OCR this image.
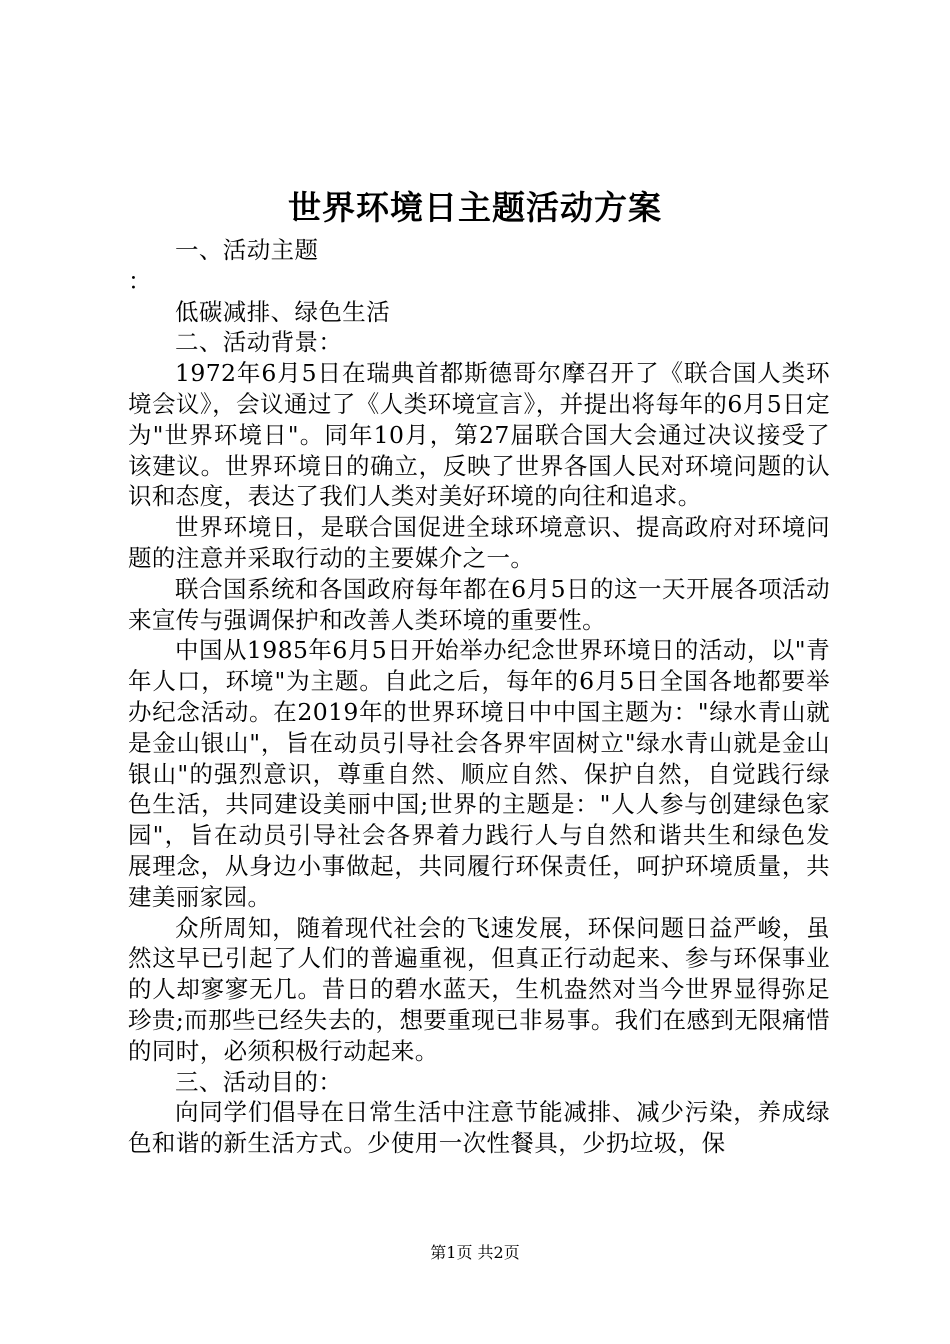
世界环境日主题活动方案

一、活动主题

：

低碳减排、绿色生活

二、活动背景：

1972年6月5日在瑞典首都斯德哥尔摩召开了《联合国人类环境会议》，会议通过了《人类环境宣言》，并提出将每年的6月5日定为"世界环境日"。同年10月，第27届联合国大会通过决议接受了该建议。世界环境日的确立，反映了世界各国人民对环境问题的认识和态度，表达了我们人类对美好环境的向往和追求。

世界环境日，是联合国促进全球环境意识、提高政府对环境问题的注意并采取行动的主要媒介之一。

联合国系统和各国政府每年都在6月5日的这一天开展各项活动来宣传与强调保护和改善人类环境的重要性。

中国从1985年6月5日开始举办纪念世界环境日的活动，以"青年人口，环境"为主题。自此之后，每年的6月5日全国各地都要举办纪念活动。在2019年的世界环境日中中国主题为："绿水青山就是金山银山"，旨在动员引导社会各界牢固树立"绿水青山就是金山银山"的强烈意识，尊重自然、顺应自然、保护自然，自觉践行绿色生活，共同建设美丽中国;世界的主题是："人人参与创建绿色家园"，旨在动员引导社会各界着力践行人与自然和谐共生和绿色发展理念，从身边小事做起，共同履行环保责任，呵护环境质量，共建美丽家园。

众所周知，随着现代社会的飞速发展，环保问题日益严峻，虽然这早已引起了人们的普遍重视，但真正行动起来、参与环保事业的人却寥寥无几。昔日的碧水蓝天，生机盎然对当今世界显得弥足珍贵;而那些已经失去的，想要重现已非易事。我们在感到无限痛惜的同时，必须积极行动起来。

三、活动目的：

向同学们倡导在日常生活中注意节能减排、减少污染，养成绿色和谐的新生活方式。少使用一次性餐具，少扔垃圾，保

第1页 共2页
